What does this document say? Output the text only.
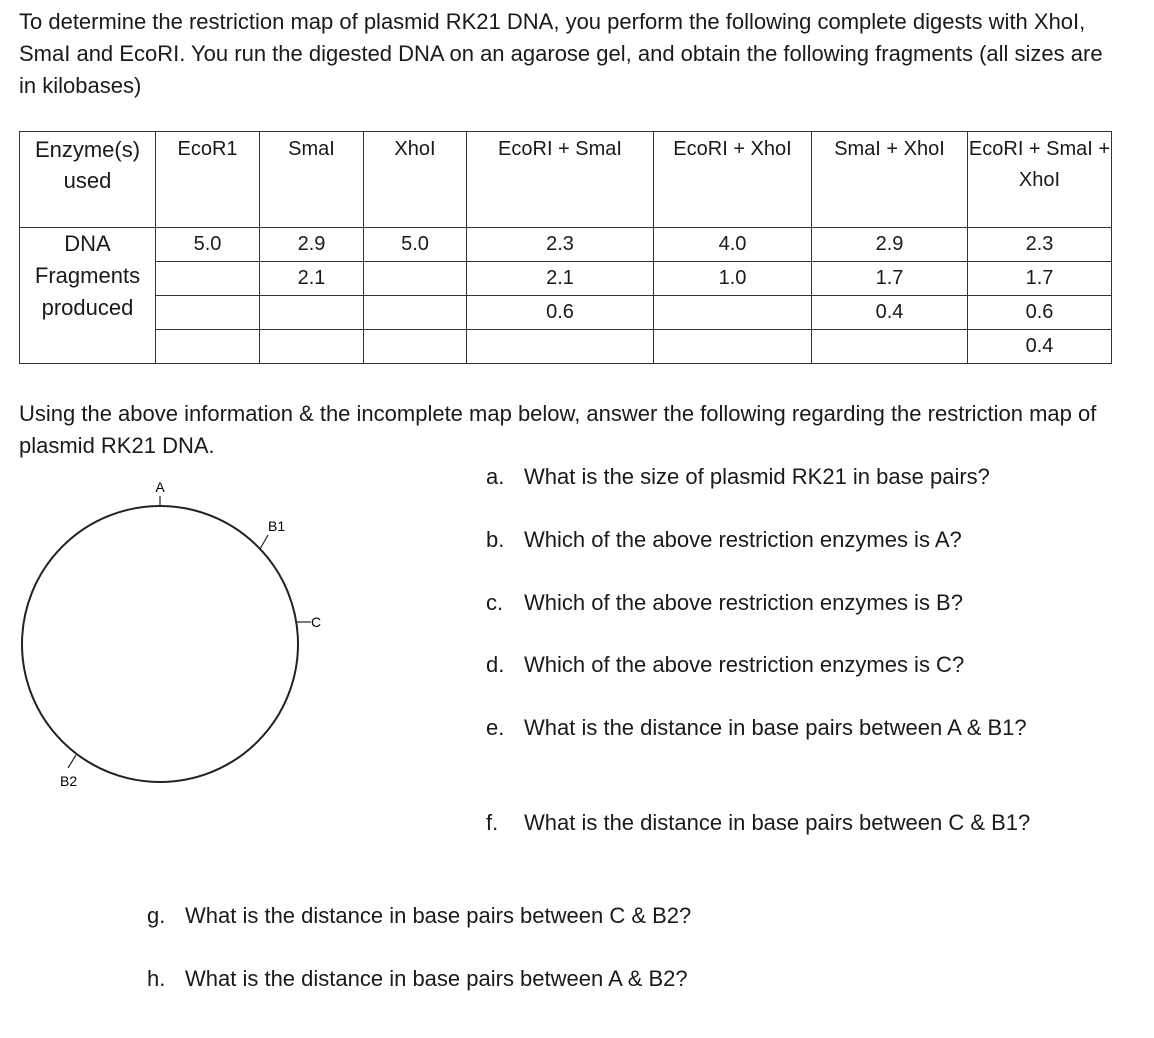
To determine the restriction map of plasmid RK21 DNA, you perform the following complete digests with XhoI, SmaI and EcoRI. You run the digested DNA on an agarose gel, and obtain the following fragments (all sizes are in kilobases)
Enzyme(s) used	EcoR1	SmaI	XhoI	EcoRI + SmaI	EcoRI + XhoI	SmaI + XhoI	EcoRI + SmaI + XhoI
DNA Fragments produced	5.0	2.9	5.0	2.3	4.0	2.9	2.3
		2.1		2.1	1.0	1.7	1.7
				0.6		0.4	0.6
							0.4
Using the above information & the incomplete map below, answer the following regarding the restriction map of plasmid RK21 DNA.
A
B1
C
B2
a. What is the size of plasmid RK21 in base pairs?
b. Which of the above restriction enzymes is A?
c. Which of the above restriction enzymes is B?
d. Which of the above restriction enzymes is C?
e. What is the distance in base pairs between A & B1?
f. What is the distance in base pairs between C & B1?
g. What is the distance in base pairs between C & B2?
h. What is the distance in base pairs between A & B2?
